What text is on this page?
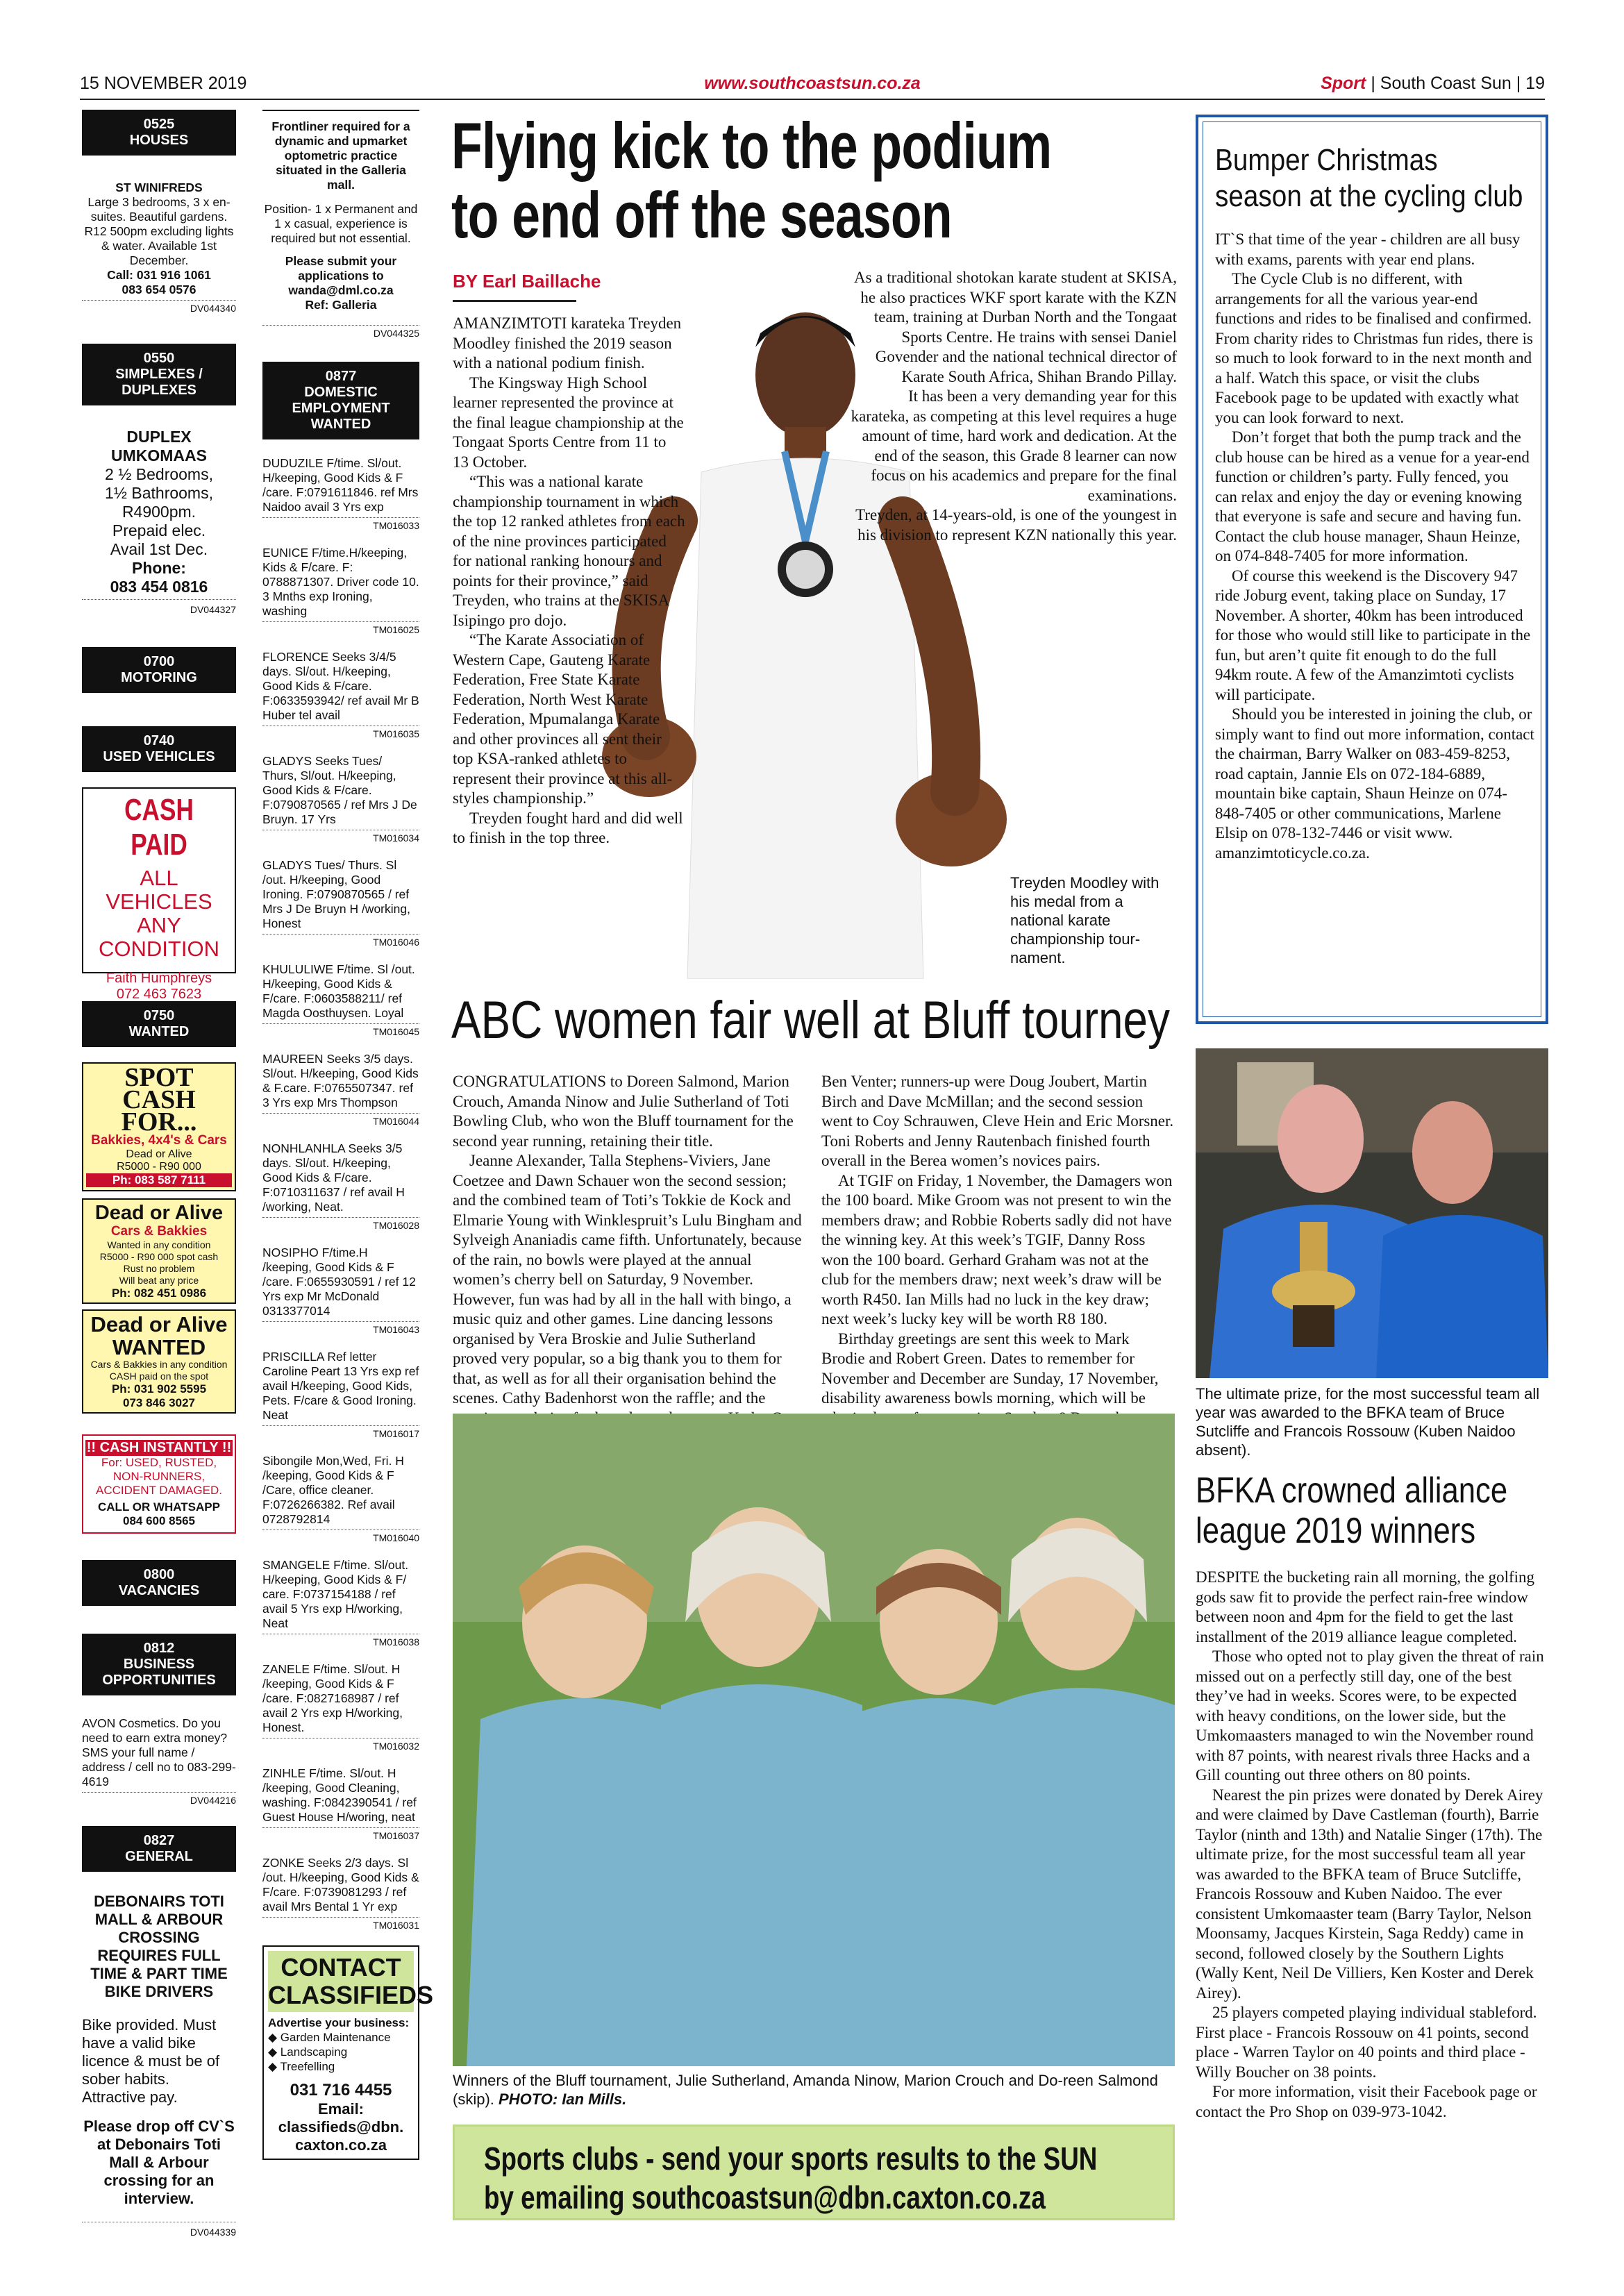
15 NOVEMBER 2019	www.southcoastsun.co.za	Sport | South Coast Sun | 19
0525
HOUSES
ST WINIFREDS
Large 3 bedrooms, 3 x en-suites. Beautiful gardens. R12 500pm excluding lights & water. Available 1st December.
Call: 031 916 1061
083 654 0576
DV044340
0550
SIMPLEXES / DUPLEXES
DUPLEX
UMKOMAAS
2 ½ Bedrooms,
1½ Bathrooms,
R4900pm.
Prepaid elec.
Avail 1st Dec.
Phone:
083 454 0816
DV044327
0700
MOTORING
0740
USED VEHICLES
CASH PAID
ALL VEHICLES
ANY
CONDITION
Faith Humphreys
072 463 7623
0750
WANTED
SPOT
CASH
FOR...
Bakkies, 4x4's & Cars
Dead or Alive
R5000 - R90 000
Ph: 083 587 7111
Dead or Alive
Cars & Bakkies
Wanted in any condition
R5000 - R90 000 spot cash
Rust no problem
Will beat any price
Ph: 082 451 0986
Dead or Alive
WANTED
Cars & Bakkies in any condition
CASH paid on the spot
Ph: 031 902 5595
073 846 3027
!! CASH INSTANTLY !!
For: USED, RUSTED,
NON-RUNNERS,
ACCIDENT DAMAGED.
CALL OR WHATSAPP
084 600 8565
0800
VACANCIES
0812
BUSINESS
OPPORTUNITIES
AVON Cosmetics. Do you need to earn extra money? SMS your full name / address / cell no to 083-299-4619
DV044216
0827
GENERAL
DEBONAIRS TOTI MALL & ARBOUR CROSSING REQUIRES FULL TIME & PART TIME BIKE DRIVERS
Bike provided. Must have a valid bike licence & must be of sober habits. Attractive pay.
Please drop off CV`S at Debonairs Toti Mall & Arbour crossing for an interview.
DV044339
Frontliner required for a dynamic and upmarket optometric practice situated in the Galleria mall.
Position- 1 x Permanent and 1 x casual, experience is required but not essential.
Please submit your applications to wanda@dml.co.za
Ref: Galleria
DV044325
0877
DOMESTIC EMPLOYMENT
WANTED
DUDUZILE F/time. Sl/out. H/keeping, Good Kids & F /care. F:0791611846. ref Mrs Naidoo avail 3 Yrs exp
TM016033
EUNICE F/time.H/keeping, Kids & F/care. F: 0788871307. Driver code 10. 3 Mnths exp Ironing, washing
TM016025
FLORENCE Seeks 3/4/5 days. Sl/out. H/keeping, Good Kids & F/care. F:0633593942/ ref avail Mr B Huber tel avail
TM016035
GLADYS Seeks Tues/ Thurs, Sl/out. H/keeping, Good Kids & F/care. F:0790870565 / ref Mrs J De Bruyn. 17 Yrs
TM016034
GLADYS Tues/ Thurs. Sl /out. H/keeping, Good Ironing. F:0790870565 / ref Mrs J De Bruyn H /working, Honest
TM016046
KHULULIWE F/time. Sl /out. H/keeping, Good Kids & F/care. F:0603588211/ ref Magda Oosthuysen. Loyal
TM016045
MAUREEN Seeks 3/5 days. Sl/out. H/keeping, Good Kids & F.care. F:0765507347. ref 3 Yrs exp Mrs Thompson
TM016044
NONHLANHLA Seeks 3/5 days. Sl/out. H/keeping, Good Kids & F/care. F:0710311637 / ref avail H /working, Neat.
TM016028
NOSIPHO F/time.H /keeping, Good Kids & F /care. F:0655930591 / ref 12 Yrs exp Mr McDonald 0313377014
TM016043
PRISCILLA Ref letter Caroline Peart 13 Yrs exp ref avail H/keeping, Good Kids, Pets. F/care & Good Ironing. Neat
TM016017
Sibongile Mon,Wed, Fri. H /keeping, Good Kids & F /Care, office cleaner. F:0726266382. Ref avail 0728792814
TM016040
SMANGELE F/time. Sl/out. H/keeping, Good Kids & F/ care. F:0737154188 / ref avail 5 Yrs exp H/working, Neat
TM016038
ZANELE F/time. Sl/out. H /keeping, Good Kids & F /care. F:0827168987 / ref avail 2 Yrs exp H/working, Honest.
TM016032
ZINHLE F/time. Sl/out. H /keeping, Good Cleaning, washing. F:0842390541 / ref Guest House H/woring, neat
TM016037
ZONKE Seeks 2/3 days. Sl /out. H/keeping, Good Kids & F/care. F:0739081293 / ref avail Mrs Bental 1 Yr exp
TM016031
CONTACT
CLASSIFIEDS
Advertise your business:
◆ Garden Maintenance
◆ Landscaping
◆ Treefelling
031 716 4455
Email:
classifieds@dbn.
caxton.co.za
Flying kick to the podium
to end off the season
BY Earl Baillache

AMANZIMTOTI karateka Treyden Moodley finished the 2019 season with a national podium finish.

The Kingsway High School learner represented the province at the final league championship at the Tongaat Sports Centre from 11 to 13 October.

“This was a national karate championship tournament in which the top 12 ranked athletes from each of the nine provinces participated for national ranking honours and points for their province,” said Treyden, who trains at the SKISA Isipingo pro dojo.

“The Karate Association of Western Cape, Gauteng Karate Federation, Free State Karate Federation, North West Karate Federation, Mpumalanga Karate and other provinces all sent their top KSA-ranked athletes to represent their province at this all-styles championship.”

Treyden fought hard and did well to finish in the top three.

As a traditional shotokan karate student at SKISA, he also practices WKF sport karate with the KZN team, training at Durban North and the Tongaat Sports Centre. He trains with sensei Daniel Govender and the national technical director of Karate South Africa, Shihan Brando Pillay.

It has been a very demanding year for this karateka, as competing at this level requires a huge amount of time, hard work and dedication. At the end of the season, this Grade 8 learner can now focus on his academics and prepare for the final examinations.

Treyden, at 14-years-old, is one of the youngest in his division to represent KZN nationally this year.

Treyden Moodley with his medal from a national karate championship tour-nament.
Bumper Christmas season at the cycling club

IT`S that time of the year - children are all busy with exams, parents with year end plans.

The Cycle Club is no different, with arrangements for all the various year-end functions and rides to be finalised and confirmed. From charity rides to Christmas fun rides, there is so much to look forward to in the next month and a half. Watch this space, or visit the clubs Facebook page to be updated with exactly what you can look forward to next.

Don’t forget that both the pump track and the club house can be hired as a venue for a year-end function or children’s party. Fully fenced, you can relax and enjoy the day or evening knowing that everyone is safe and secure and having fun. Contact the club house manager, Shaun Heinze, on 074-848-7405 for more information.

Of course this weekend is the Discovery 947 ride Joburg event, taking place on Sunday, 17 November. A shorter, 40km has been introduced for those who would still like to participate in the fun, but aren’t quite fit enough to do the full 94km route. A few of the Amanzimtoti cyclists will participate.

Should you be interested in joining the club, or simply want to find out more information, contact the chairman, Barry Walker on 083-459-8253, road captain, Jannie Els on 072-184-6889, mountain bike captain, Shaun Heinze on 074-848-7405 or other communications, Marlene Elsip on 078-132-7446 or visit www. amanzimtoticycle.co.za.

ABC women fair well at Bluff tourney

CONGRATULATIONS to Doreen Salmond, Marion Crouch, Amanda Ninow and Julie Sutherland of Toti Bowling Club, who won the Bluff tournament for the second year running, retaining their title.

Jeanne Alexander, Talla Stephens-Viviers, Jane Coetzee and Dawn Schauer won the second session; and the combined team of Toti’s Tokkie de Kock and Elmarie Young with Winklespruit’s Lulu Bingham and Sylveigh Ananiadis came fifth. Unfortunately, because of the rain, no bowls were played at the annual women’s cherry bell on Saturday, 9 November. However, fun was had by all in the hall with bingo, a music quiz and other games. Line dancing lessons organised by Vera Broskie and Julie Sutherland proved very popular, so a big thank you to them for that, as well as for all their organisation behind the scenes. Cathy Badenhorst won the raffle; and the

Ben Venter; runners-up were Doug Joubert, Martin Birch and Dave McMillan; and the second session went to Coy Schrauwen, Cleve Hein and Eric Morsner. Toni Roberts and Jenny Rautenbach finished fourth overall in the Berea women’s novices pairs.

At TGIF on Friday, 1 November, the Damagers won the 100 board. Mike Groom was not present to win the members draw; and Robbie Roberts sadly did not have the winning key. At this week’s TGIF, Danny Ross won the 100 board. Gerhard Graham was not at the club for the members draw; next week’s draw will be worth R450. Ian Mills had no luck in the key draw; next week’s lucky key will be worth R8 180.

Birthday greetings are sent this week to Mark Brodie and Robert Green. Dates to remember for November and December are Sunday, 17 November, disability awareness bowls morning, which will be

Winners of the Bluff tournament, Julie Sutherland, Amanda Ninow, Marion Crouch and Do-reen Salmond (skip). PHOTO: Ian Mills.
Sports clubs - send your sports results to the SUN
by emailing southcoastsun@dbn.caxton.co.za
The ultimate prize, for the most successful team all year was awarded to the BFKA team of Bruce Sutcliffe and Francois Rossouw (Kuben Naidoo absent).
BFKA crowned alliance league 2019 winners

DESPITE the bucketing rain all morning, the golfing gods saw fit to provide the perfect rain-free window between noon and 4pm for the field to get the last installment of the 2019 alliance league completed.

Those who opted not to play given the threat of rain missed out on a perfectly still day, one of the best they’ve had in weeks. Scores were, to be expected with heavy conditions, on the lower side, but the Umkomaasters managed to win the November round with 87 points, with nearest rivals three Hacks and a Gill counting out three others on 80 points.

Nearest the pin prizes were donated by Derek Airey and were claimed by Dave Castleman (fourth), Barrie Taylor (ninth and 13th) and Natalie Singer (17th). The ultimate prize, for the most successful team all year was awarded to the BFKA team of Bruce Sutcliffe, Francois Rossouw and Kuben Naidoo. The ever consistent Umkomaaster team (Barry Taylor, Nelson Moonsamy, Jacques Kirstein, Saga Reddy) came in second, followed closely by the Southern Lights (Wally Kent, Neil De Villiers, Ken Koster and Derek Airey).

25 players competed playing individual stableford. First place - Francois Rossouw on 41 points, second place - Warren Taylor on 40 points and third place - Willy Boucher on 38 points.

For more information, visit their Facebook page or contact the Pro Shop on 039-973-1042.
